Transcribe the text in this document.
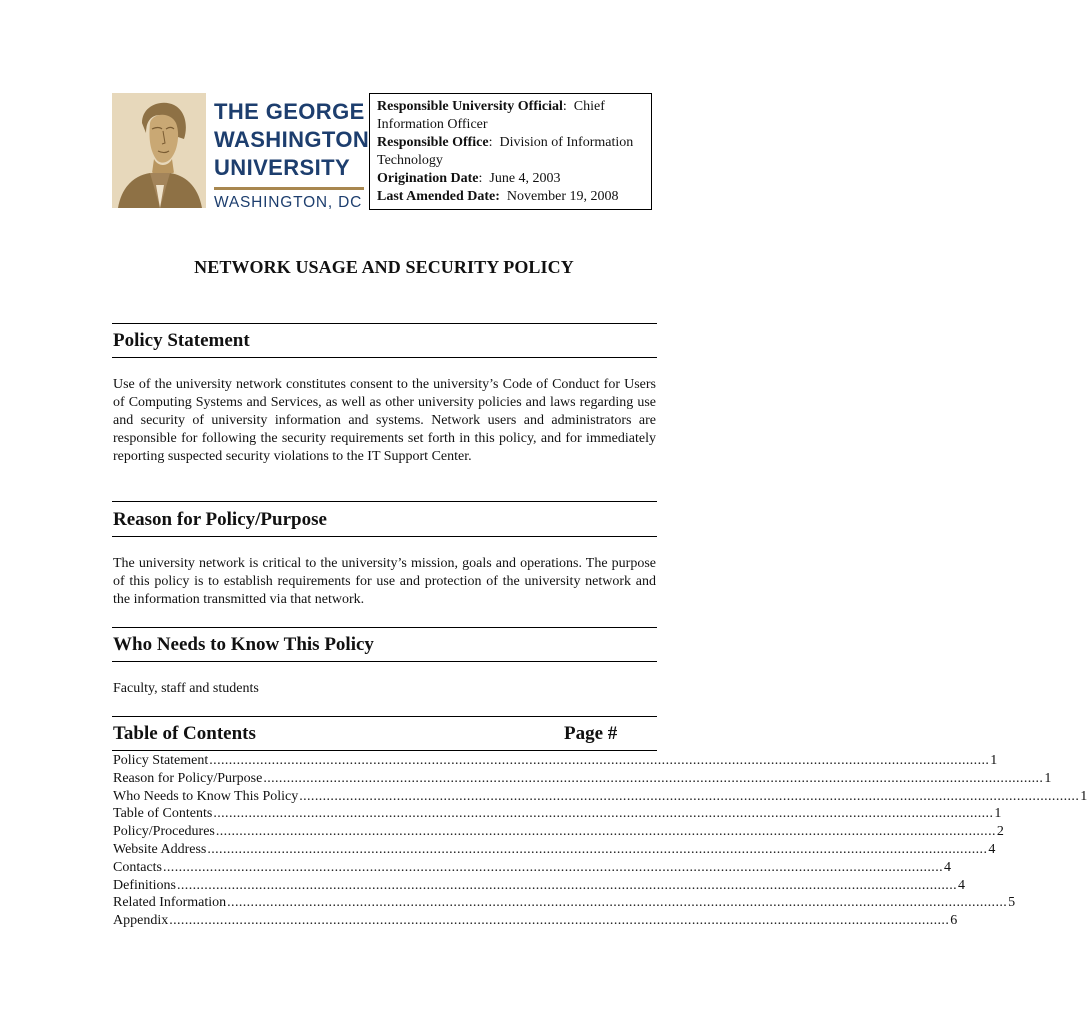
THE GEORGE
WASHINGTON
UNIVERSITY
WASHINGTON, DC
Responsible University Official:  Chief Information Officer
Responsible Office:  Division of Information Technology
Origination Date:  June 4, 2003
Last Amended Date: November 19, 2008
NETWORK USAGE AND SECURITY POLICY
Policy Statement
Use of the university network constitutes consent to the university’s Code of Conduct for Users of Computing Systems and Services, as well as other university policies and laws regarding use and security of university information and systems. Network users and administrators are responsible for following the security requirements set forth in this policy, and for immediately reporting suspected security violations to the IT Support Center.
Reason for Policy/Purpose
The university network is critical to the university’s mission, goals and operations. The purpose of this policy is to establish requirements for use and protection of the university network and the information transmitted via that network.
Who Needs to Know This Policy
Faculty, staff and students
Table of Contents	Page #
Policy Statement ........................................................................................................................................................................................................ 1
Reason for Policy/Purpose ........................................................................................................................................................................................................ 1
Who Needs to Know This Policy ........................................................................................................................................................................................................ 1
Table of Contents ........................................................................................................................................................................................................ 1
Policy/Procedures ........................................................................................................................................................................................................ 2
Website Address ........................................................................................................................................................................................................ 4
Contacts ........................................................................................................................................................................................................ 4
Definitions ........................................................................................................................................................................................................ 4
Related Information ........................................................................................................................................................................................................ 5
Appendix ........................................................................................................................................................................................................ 6
